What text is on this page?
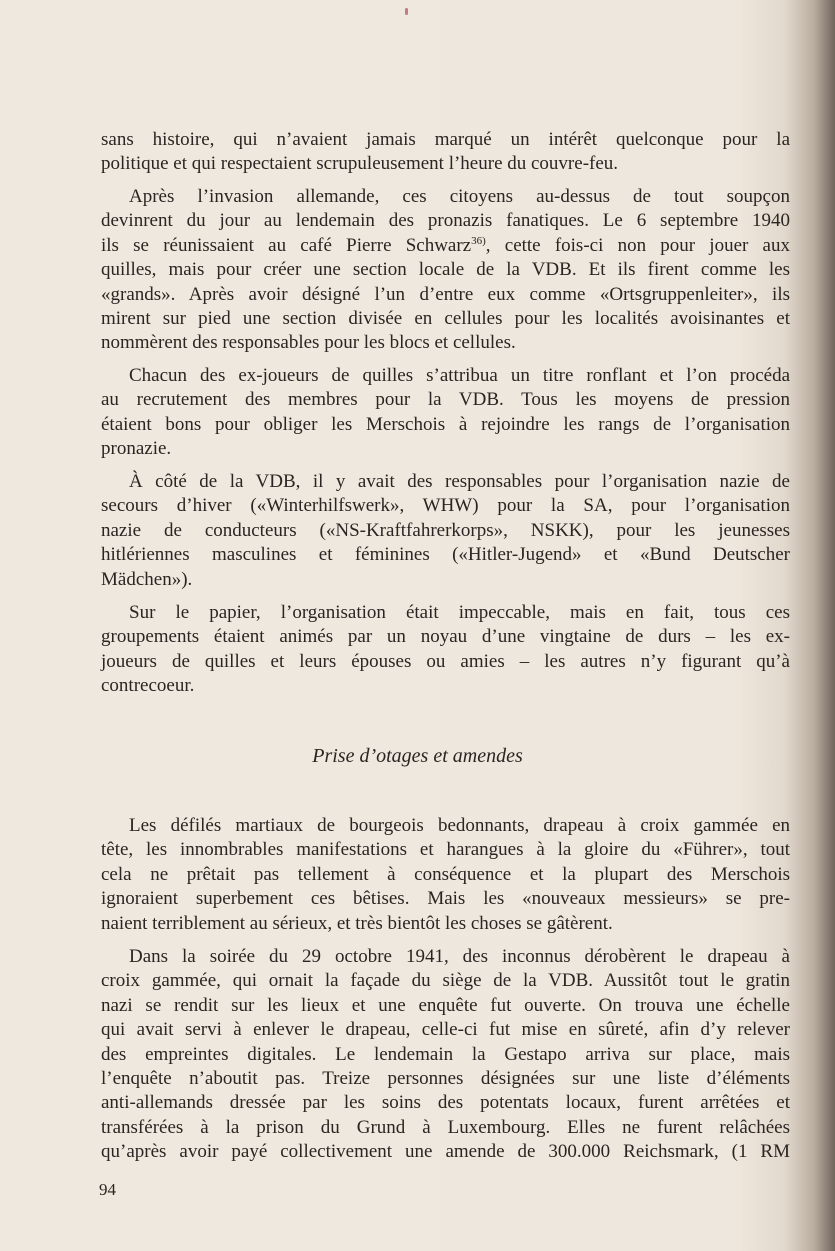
sans histoire, qui n’avaient jamais marqué un intérêt quelconque pour la
politique et qui respectaient scrupuleusement l’heure du couvre-feu.
Après l’invasion allemande, ces citoyens au-dessus de tout soupçon
devinrent du jour au lendemain des pronazis fanatiques. Le 6 septembre 1940
ils se réunissaient au café Pierre Schwarz$^{36)}$, cette fois-ci non pour jouer aux
quilles, mais pour créer une section locale de la VDB. Et ils firent comme les
«grands». Après avoir désigné l’un d’entre eux comme «Ortsgruppenleiter», ils
mirent sur pied une section divisée en cellules pour les localités avoisinantes et
nommèrent des responsables pour les blocs et cellules.
Chacun des ex-joueurs de quilles s’attribua un titre ronflant et l’on procéda
au recrutement des membres pour la VDB. Tous les moyens de pression
étaient bons pour obliger les Merschois à rejoindre les rangs de l’organisation
pronazie.
À côté de la VDB, il y avait des responsables pour l’organisation nazie de
secours d’hiver («Winterhilfswerk», WHW) pour la SA, pour l’organisation
nazie de conducteurs («NS-Kraftfahrerkorps», NSKK), pour les jeunesses
hitlériennes masculines et féminines («Hitler-Jugend» et «Bund Deutscher
Mädchen»).
Sur le papier, l’organisation était impeccable, mais en fait, tous ces
groupements étaient animés par un noyau d’une vingtaine de durs – les ex-
joueurs de quilles et leurs épouses ou amies – les autres n’y figurant qu’à
contrecoeur.
Les défilés martiaux de bourgeois bedonnants, drapeau à croix gammée en
tête, les innombrables manifestations et harangues à la gloire du «Führer», tout
cela ne prêtait pas tellement à conséquence et la plupart des Merschois
ignoraient superbement ces bêtises. Mais les «nouveaux messieurs» se pre-
naient terriblement au sérieux, et très bientôt les choses se gâtèrent.
Dans la soirée du 29 octobre 1941, des inconnus dérobèrent le drapeau à
croix gammée, qui ornait la façade du siège de la VDB. Aussitôt tout le gratin
nazi se rendit sur les lieux et une enquête fut ouverte. On trouva une échelle
qui avait servi à enlever le drapeau, celle-ci fut mise en sûreté, afin d’y relever
des empreintes digitales. Le lendemain la Gestapo arriva sur place, mais
l’enquête n’aboutit pas. Treize personnes désignées sur une liste d’éléments
anti-allemands dressée par les soins des potentats locaux, furent arrêtées et
transférées à la prison du Grund à Luxembourg. Elles ne furent relâchées
qu’après avoir payé collectivement une amende de 300.000 Reichsmark, (1 RM
Prise d’otages et amendes
94
